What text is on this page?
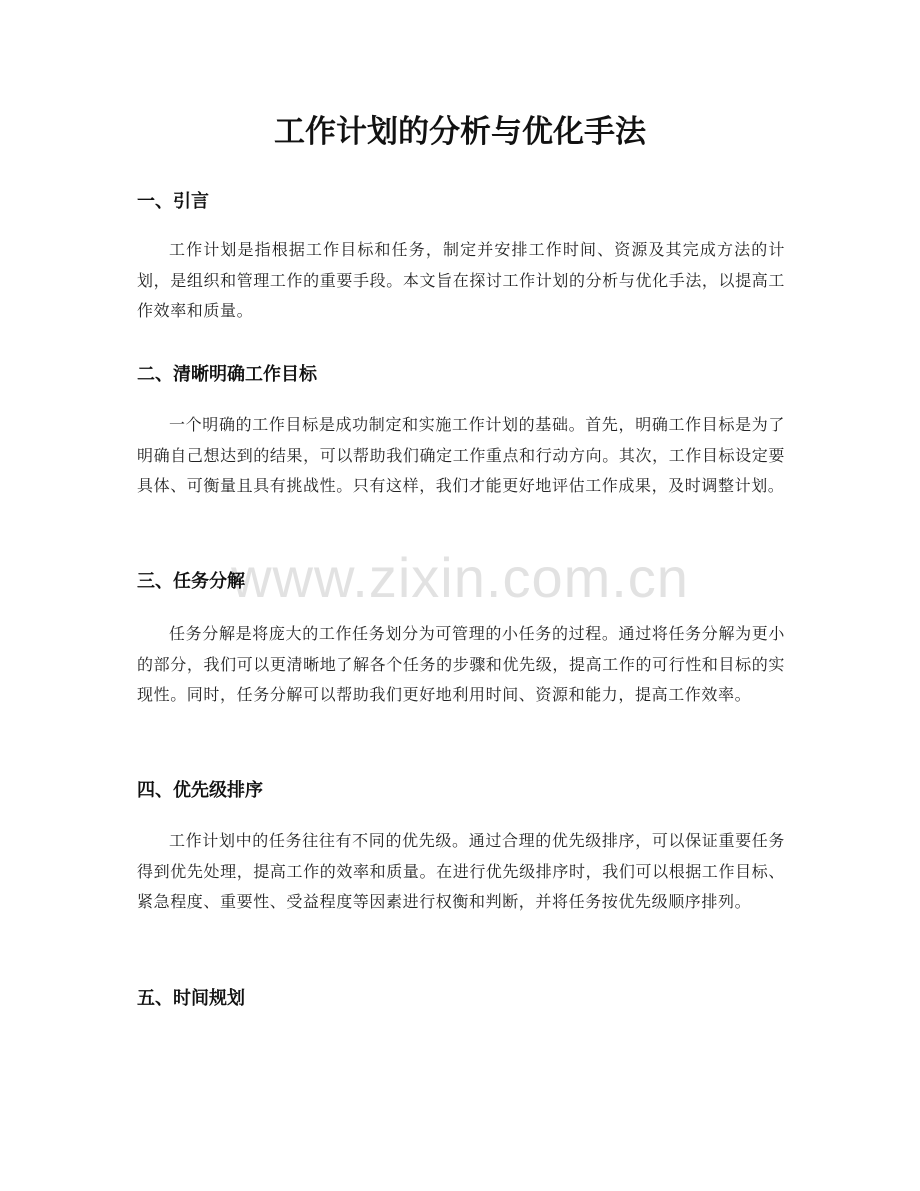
工作计划的分析与优化手法
一、引言

工作计划是指根据工作目标和任务，制定并安排工作时间、资源及其完成方法的计划，是组织和管理工作的重要手段。本文旨在探讨工作计划的分析与优化手法，以提高工作效率和质量。

二、清晰明确工作目标

一个明确的工作目标是成功制定和实施工作计划的基础。首先，明确工作目标是为了明确自己想达到的结果，可以帮助我们确定工作重点和行动方向。其次，工作目标设定要具体、可衡量且具有挑战性。只有这样，我们才能更好地评估工作成果，及时调整计划。

www.zixin.com.cn
三、任务分解

任务分解是将庞大的工作任务划分为可管理的小任务的过程。通过将任务分解为更小的部分，我们可以更清晰地了解各个任务的步骤和优先级，提高工作的可行性和目标的实现性。同时，任务分解可以帮助我们更好地利用时间、资源和能力，提高工作效率。

四、优先级排序

工作计划中的任务往往有不同的优先级。通过合理的优先级排序，可以保证重要任务得到优先处理，提高工作的效率和质量。在进行优先级排序时，我们可以根据工作目标、紧急程度、重要性、受益程度等因素进行权衡和判断，并将任务按优先级顺序排列。

五、时间规划
